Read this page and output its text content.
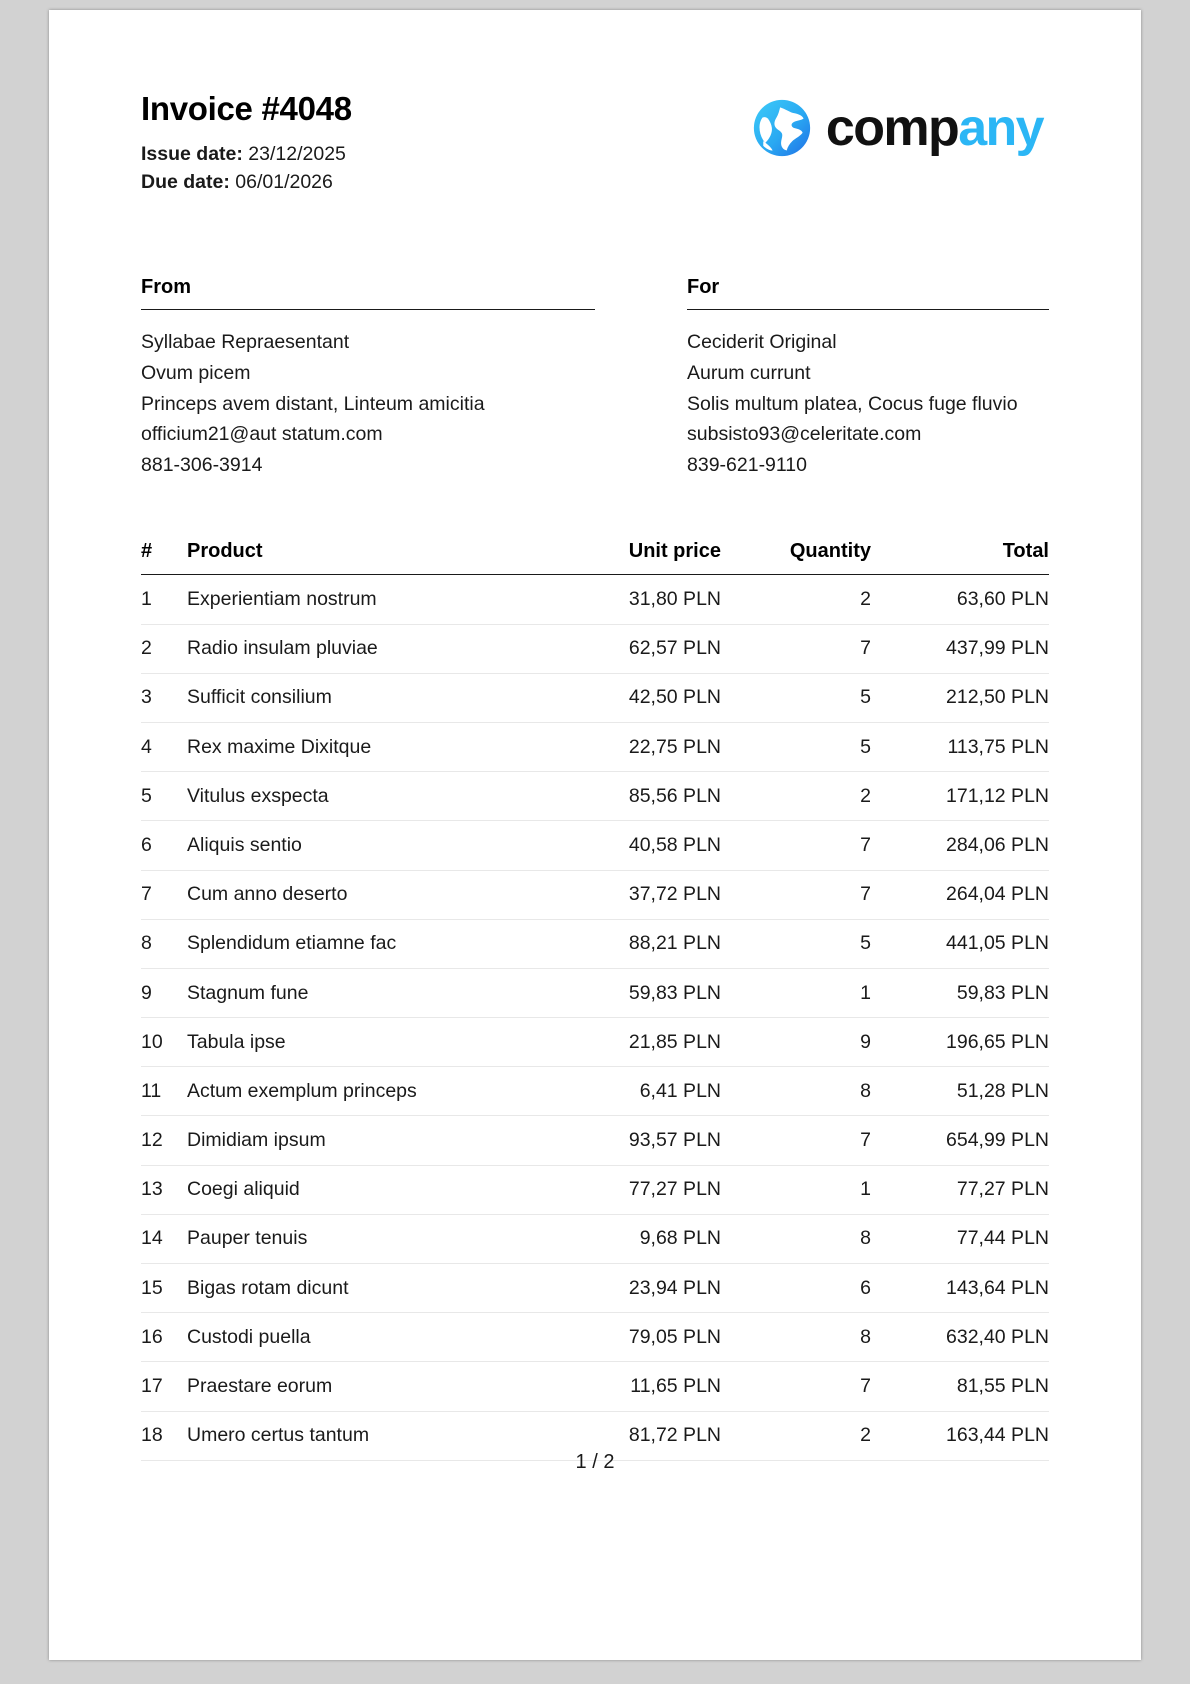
Invoice #4048
Issue date: 23/12/2025
Due date: 06/01/2026
company
From
Syllabae Repraesentant
Ovum picem
Princeps avem distant, Linteum amicitia
officium21@aut statum.com
881-306-3914
For
Ceciderit Original
Aurum currunt
Solis multum platea, Cocus fuge fluvio
subsisto93@celeritate.com
839-621-9110
#	Product	Unit price	Quantity	Total
1	Experientiam nostrum	31,80 PLN	2	63,60 PLN
2	Radio insulam pluviae	62,57 PLN	7	437,99 PLN
3	Sufficit consilium	42,50 PLN	5	212,50 PLN
4	Rex maxime Dixitque	22,75 PLN	5	113,75 PLN
5	Vitulus exspecta	85,56 PLN	2	171,12 PLN
6	Aliquis sentio	40,58 PLN	7	284,06 PLN
7	Cum anno deserto	37,72 PLN	7	264,04 PLN
8	Splendidum etiamne fac	88,21 PLN	5	441,05 PLN
9	Stagnum fune	59,83 PLN	1	59,83 PLN
10	Tabula ipse	21,85 PLN	9	196,65 PLN
11	Actum exemplum princeps	6,41 PLN	8	51,28 PLN
12	Dimidiam ipsum	93,57 PLN	7	654,99 PLN
13	Coegi aliquid	77,27 PLN	1	77,27 PLN
14	Pauper tenuis	9,68 PLN	8	77,44 PLN
15	Bigas rotam dicunt	23,94 PLN	6	143,64 PLN
16	Custodi puella	79,05 PLN	8	632,40 PLN
17	Praestare eorum	11,65 PLN	7	81,55 PLN
18	Umero certus tantum	81,72 PLN	2	163,44 PLN
1 / 2
